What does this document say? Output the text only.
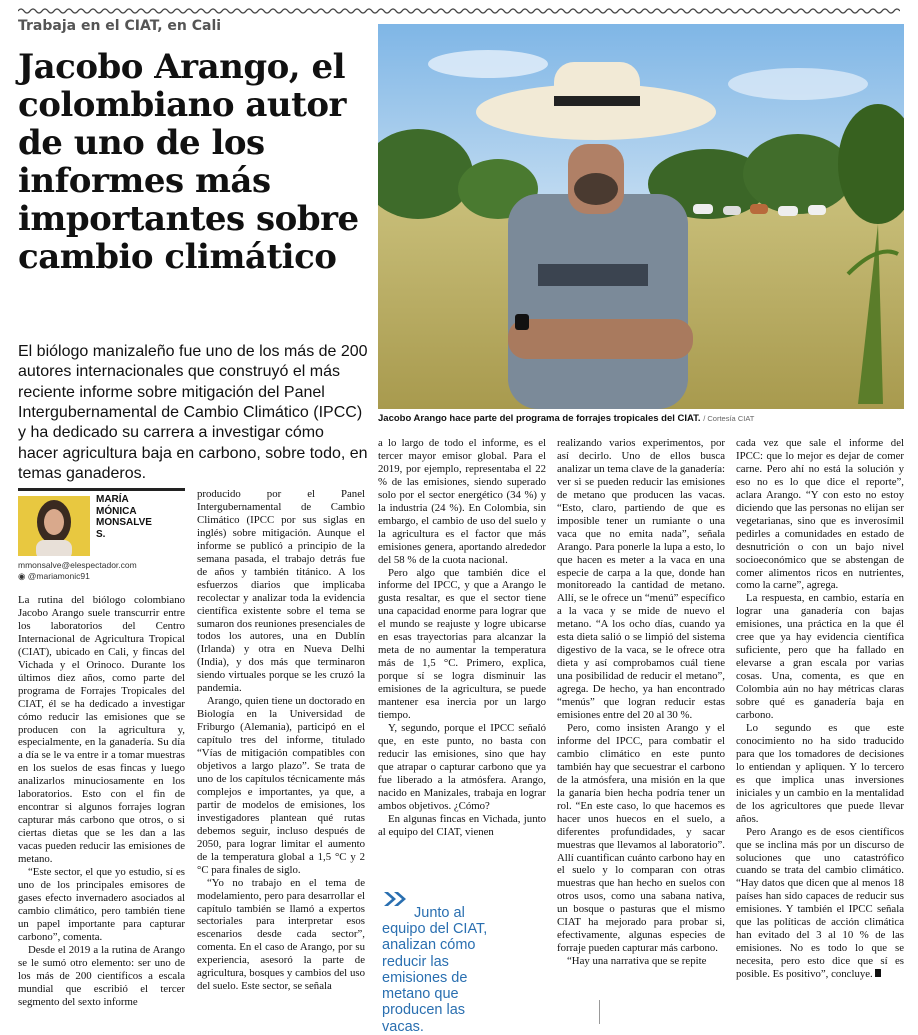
Trabaja en el CIAT, en Cali
Jacobo Arango, el colombiano autor de uno de los informes más importantes sobre cambio climático

El biólogo manizaleño fue uno de los más de 200 autores internacionales que construyó el más reciente informe sobre mitigación del Panel Intergubernamental de Cambio Climático (IPCC) y ha dedicado su carrera a investigar cómo hacer agricultura baja en carbono, sobre todo, en temas ganaderos.

Jacobo Arango hace parte del programa de forrajes tropicales del CIAT. / Cortesía CIAT
MARÍA
MÓNICA
MONSALVE
S.
mmonsalve@elespectador.com
◉ @mariamonic91

La rutina del biólogo colombiano Jacobo Arango suele transcurrir entre los laboratorios del Centro Internacional de Agricultura Tropical (CIAT), ubicado en Cali, y fincas del Vichada y el Orinoco. Durante los últimos diez años, como parte del programa de Forrajes Tropicales del CIAT, él se ha dedicado a investigar cómo reducir las emisiones que se producen con la agricultura y, especialmente, en la ganadería. Su día a día se le va entre ir a tomar muestras en los suelos de esas fincas y luego analizarlos minuciosamente en los laboratorios. Esto con el fin de encontrar si algunos forrajes logran capturar más carbono que otros, o si ciertas dietas que se les dan a las vacas pueden reducir las emisiones de metano.

“Este sector, el que yo estudio, sí es uno de los principales emisores de gases efecto invernadero asociados al cambio climático, pero también tiene un papel importante para capturar carbono”, comenta.

Desde el 2019 a la rutina de Arango se le sumó otro elemento: ser uno de los más de 200 científicos a escala mundial que escribió el tercer segmento del sexto informe

producido por el Panel Intergubernamental de Cambio Climático (IPCC por sus siglas en inglés) sobre mitigación. Aunque el informe se publicó a principio de la semana pasada, el trabajo detrás fue de años y también titánico. A los esfuerzos diarios que implicaba recolectar y analizar toda la evidencia científica existente sobre el tema se sumaron dos reuniones presenciales de todos los autores, una en Dublín (Irlanda) y otra en Nueva Delhi (India), y dos más que terminaron siendo virtuales porque se les cruzó la pandemia.

Arango, quien tiene un doctorado en Biología en la Universidad de Friburgo (Alemania), participó en el capítulo tres del informe, titulado “Vías de mitigación compatibles con objetivos a largo plazo”. Se trata de uno de los capítulos técnicamente más complejos e importantes, ya que, a partir de modelos de emisiones, los investigadores plantean qué rutas debemos seguir, incluso después de 2050, para lograr limitar el aumento de la temperatura global a 1,5 °C y 2 °C para finales de siglo.

“Yo no trabajo en el tema de modelamiento, pero para desarrollar el capítulo también se llamó a expertos sectoriales para interpretar esos escenarios desde cada sector”, comenta. En el caso de Arango, por su experiencia, asesoró la parte de agricultura, bosques y cambios del uso del suelo. Este sector, se señala

a lo largo de todo el informe, es el tercer mayor emisor global. Para el 2019, por ejemplo, representaba el 22 % de las emisiones, siendo superado solo por el sector energético (34 %) y la industria (24 %). En Colombia, sin embargo, el cambio de uso del suelo y la agricultura es el factor que más emisiones genera, aportando alrededor del 58 % de la cuota nacional.

Pero algo que también dice el informe del IPCC, y que a Arango le gusta resaltar, es que el sector tiene una capacidad enorme para lograr que el mundo se reajuste y logre ubicarse en esas trayectorias para alcanzar la meta de no aumentar la temperatura más de 1,5 °C. Primero, explica, porque sí se logra disminuir las emisiones de la agricultura, se puede mantener esa inercia por un largo tiempo.

Y, segundo, porque el IPCC señaló que, en este punto, no basta con reducir las emisiones, sino que hay que atrapar o capturar carbono que ya fue liberado a la atmósfera. Arango, nacido en Manizales, trabaja en lograr ambos objetivos. ¿Cómo?

En algunas fincas en Vichada, junto al equipo del CIAT, vienen

Junto al equipo del CIAT, analizan cómo reducir las emisiones de metano que producen las vacas.

realizando varios experimentos, por así decirlo. Uno de ellos busca analizar un tema clave de la ganadería: ver si se pueden reducir las emisiones de metano que producen las vacas. “Esto, claro, partiendo de que es imposible tener un rumiante o una vaca que no emita nada”, señala Arango. Para ponerle la lupa a esto, lo que hacen es meter a la vaca en una especie de carpa a la que, donde han monitoreado la cantidad de metano. Allí, se le ofrece un “menú” específico a la vaca y se mide de nuevo el metano. “A los ocho días, cuando ya esta dieta salió o se limpió del sistema digestivo de la vaca, se le ofrece otra dieta y así comprobamos cuál tiene una posibilidad de reducir el metano”, agrega. De hecho, ya han encontrado “menús” que logran reducir estas emisiones entre del 20 al 30 %.

Pero, como insisten Arango y el informe del IPCC, para combatir el cambio climático en este punto también hay que secuestrar el carbono de la atmósfera, una misión en la que la ganaría bien hecha podría tener un rol. “En este caso, lo que hacemos es hacer unos huecos en el suelo, a diferentes profundidades, y sacar muestras que llevamos al laboratorio”. Allí cuantifican cuánto carbono hay en el suelo y lo comparan con otras muestras que han hecho en suelos con otros usos, como una sabana nativa, un bosque o pasturas que el mismo CIAT ha mejorado para probar si, efectivamente, algunas especies de forraje pueden capturar más carbono.

“Hay una narrativa que se repite

cada vez que sale el informe del IPCC: que lo mejor es dejar de comer carne. Pero ahí no está la solución y eso no es lo que dice el reporte”, aclara Arango. “Y con esto no estoy diciendo que las personas no elijan ser vegetarianas, sino que es inverosímil pedirles a comunidades en estado de desnutrición o con un bajo nivel socioeconómico que se abstengan de comer alimentos ricos en nutrientes, como la carne”, agrega.

La respuesta, en cambio, estaría en lograr una ganadería con bajas emisiones, una práctica en la que él cree que ya hay evidencia científica suficiente, pero que ha fallado en elevarse a gran escala por varias cosas. Una, comenta, es que en Colombia aún no hay métricas claras sobre qué es ganadería baja en carbono.

Lo segundo es que este conocimiento no ha sido traducido para que los tomadores de decisiones lo entiendan y apliquen. Y lo tercero es que implica unas inversiones iniciales y un cambio en la mentalidad de los agricultores que puede llevar años.

Pero Arango es de esos científicos que se inclina más por un discurso de soluciones que uno catastrófico cuando se trata del cambio climático. “Hay datos que dicen que al menos 18 países han sido capaces de reducir sus emisiones. Y también el IPCC señala que las políticas de acción climática han evitado del 3 al 10 % de las emisiones. No es todo lo que se necesita, pero esto dice que sí es posible. Es positivo”, concluye.
